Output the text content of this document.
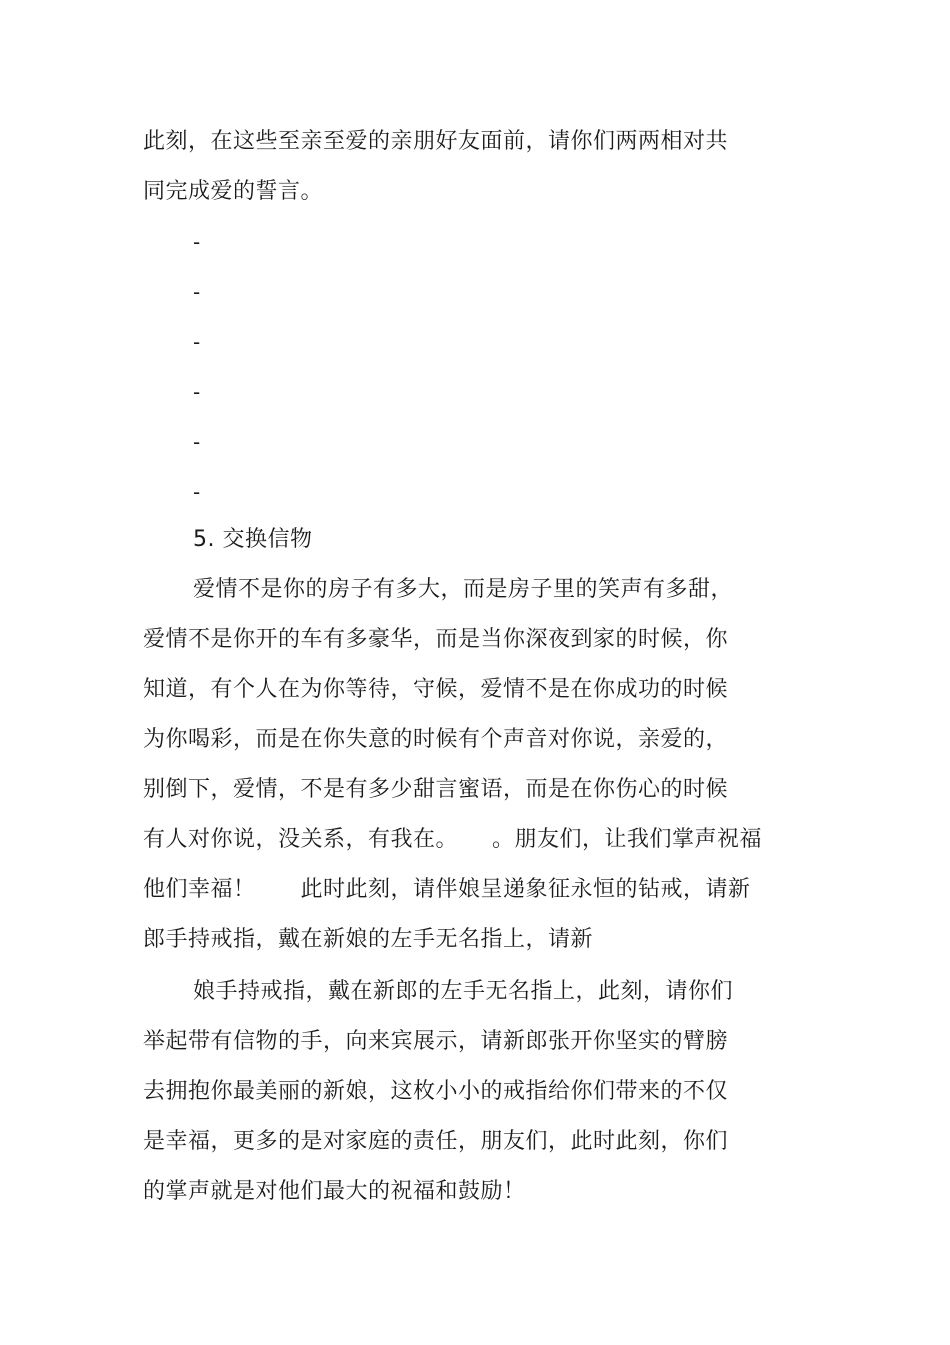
此刻，在这些至亲至爱的亲朋好友面前，请你们两两相对共
同完成爱的誓言。
-
-
-
-
-
-
5. 交换信物
爱情不是你的房子有多大，而是房子里的笑声有多甜，
爱情不是你开的车有多豪华，而是当你深夜到家的时候，你
知道，有个人在为你等待，守候，爱情不是在你成功的时候
为你喝彩，而是在你失意的时候有个声音对你说，亲爱的，
别倒下，爱情，不是有多少甜言蜜语，而是在你伤心的时候
有人对你说，没关系，有我在。　　。朋友们，让我们掌声祝福
他们幸福！　　此时此刻，请伴娘呈递象征永恒的钻戒，请新
郎手持戒指，戴在新娘的左手无名指上，请新
娘手持戒指，戴在新郎的左手无名指上，此刻，请你们
举起带有信物的手，向来宾展示，请新郎张开你坚实的臂膀
去拥抱你最美丽的新娘，这枚小小的戒指给你们带来的不仅
是幸福，更多的是对家庭的责任，朋友们，此时此刻，你们
的掌声就是对他们最大的祝福和鼓励！
